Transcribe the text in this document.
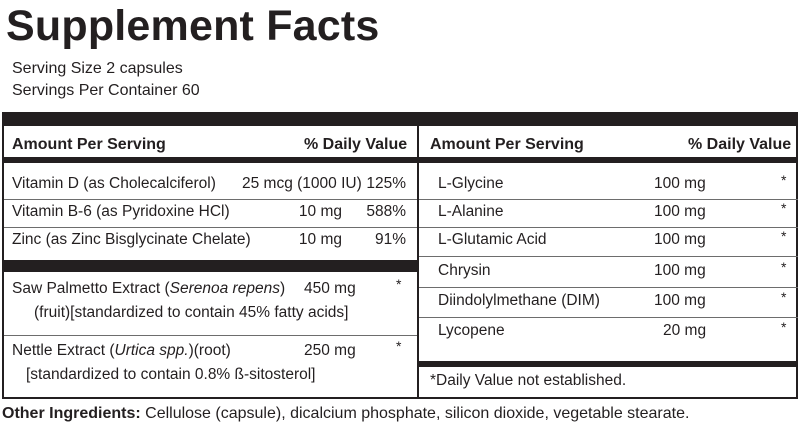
Supplement Facts
Serving Size 2 capsules
Servings Per Container 60
Amount Per Serving	% Daily Value
Vitamin D (as Cholecalciferol) 25 mcg (1000 IU) 125%
Vitamin B-6 (as Pyridoxine HCl)	10 mg	588%
Zinc (as Zinc Bisglycinate Chelate)	10 mg	91%
Saw Palmetto Extract (Serenoa repens) 450 mg	*
(fruit)[standardized to contain 45% fatty acids]
Nettle Extract (Urtica spp.)(root)	250 mg	*
[standardized to contain 0.8% ß-sitosterol]
Amount Per Serving	% Daily Value
L-Glycine	100 mg	*
L-Alanine	100 mg	*
L-Glutamic Acid	100 mg	*
Chrysin	100 mg	*
Diindolylmethane (DIM)	100 mg	*
Lycopene	20 mg	*
*Daily Value not established.
Other Ingredients: Cellulose (capsule), dicalcium phosphate, silicon dioxide, vegetable stearate.
